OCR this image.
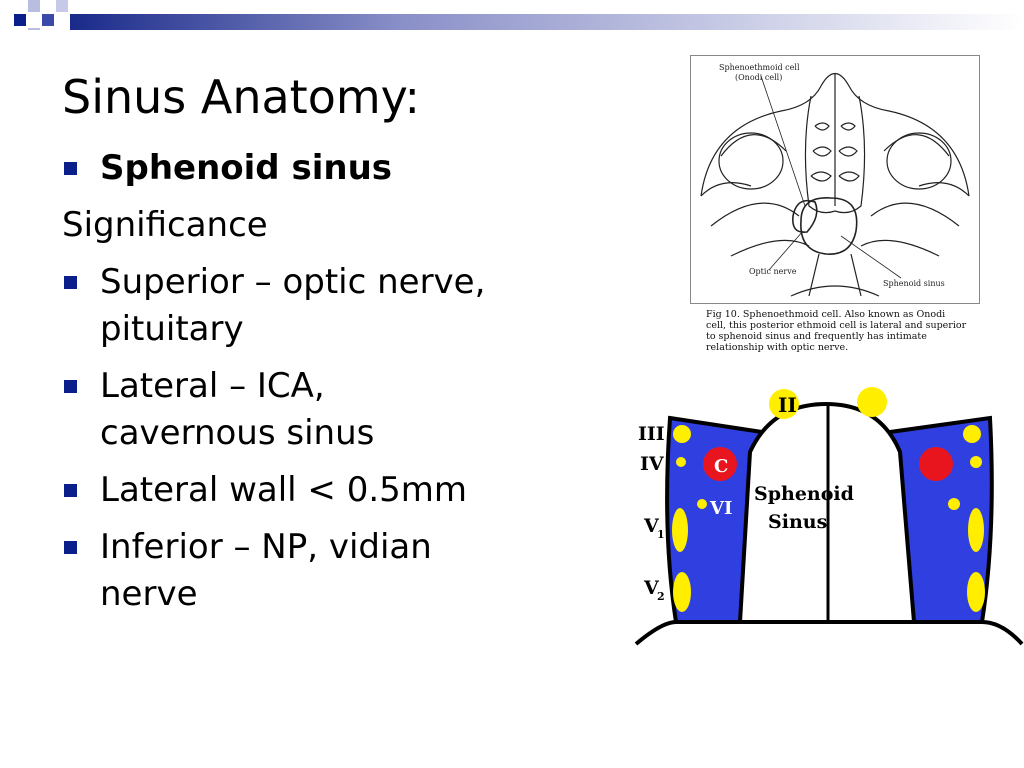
Sinus Anatomy:
Sphenoid sinus
Significance
Superior – optic nerve, pituitary
Lateral – ICA, cavernous sinus
Lateral wall < 0.5mm
Inferior – NP, vidian nerve
Sphenoethmoid cell
(Onodi cell)
Optic nerve
Sphenoid sinus
Fig 10. Sphenoethmoid cell. Also known as Onodi cell, this posterior ethmoid cell is lateral and superior to sphenoid sinus and frequently has intimate relationship with optic nerve.
II
III
IV
V
1
V
2
VI
C
Sphenoid
Sinus
